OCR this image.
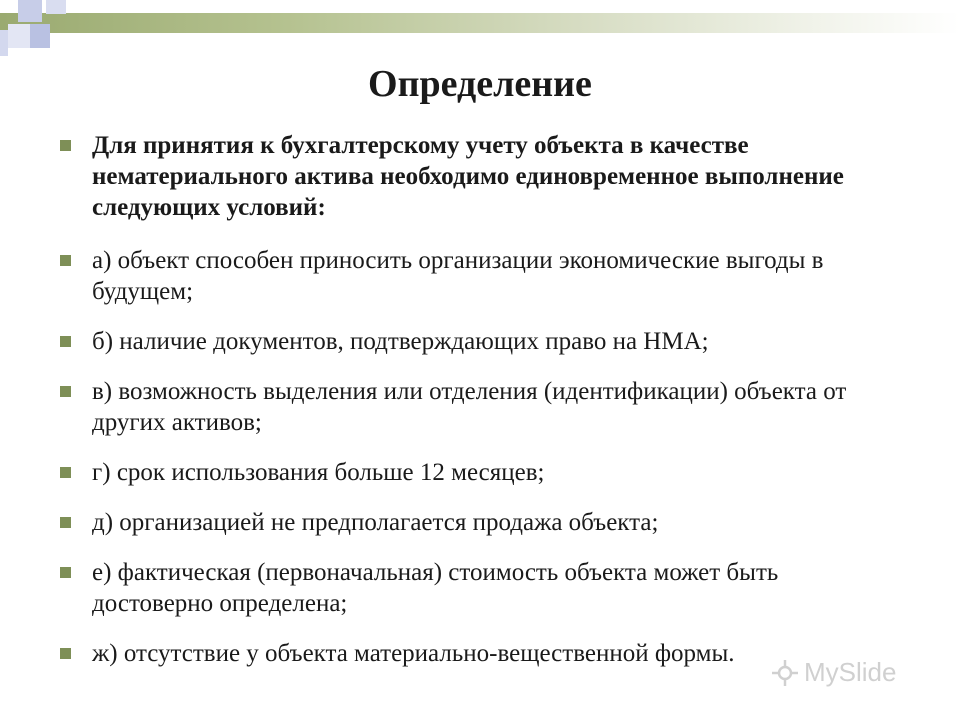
Определение
Для принятия к бухгалтерскому учету объекта в качестве нематериального актива необходимо единовременное выполнение следующих условий:
а) объект способен приносить организации экономические выгоды в будущем;
б) наличие документов, подтверждающих право на НМА;
в) возможность выделения или отделения (идентификации) объекта от других активов;
г) срок использования больше 12 месяцев;
д) организацией не предполагается продажа объекта;
е) фактическая (первоначальная) стоимость объекта может быть достоверно определена;
ж) отсутствие у объекта материально-вещественной формы.
MySlide
